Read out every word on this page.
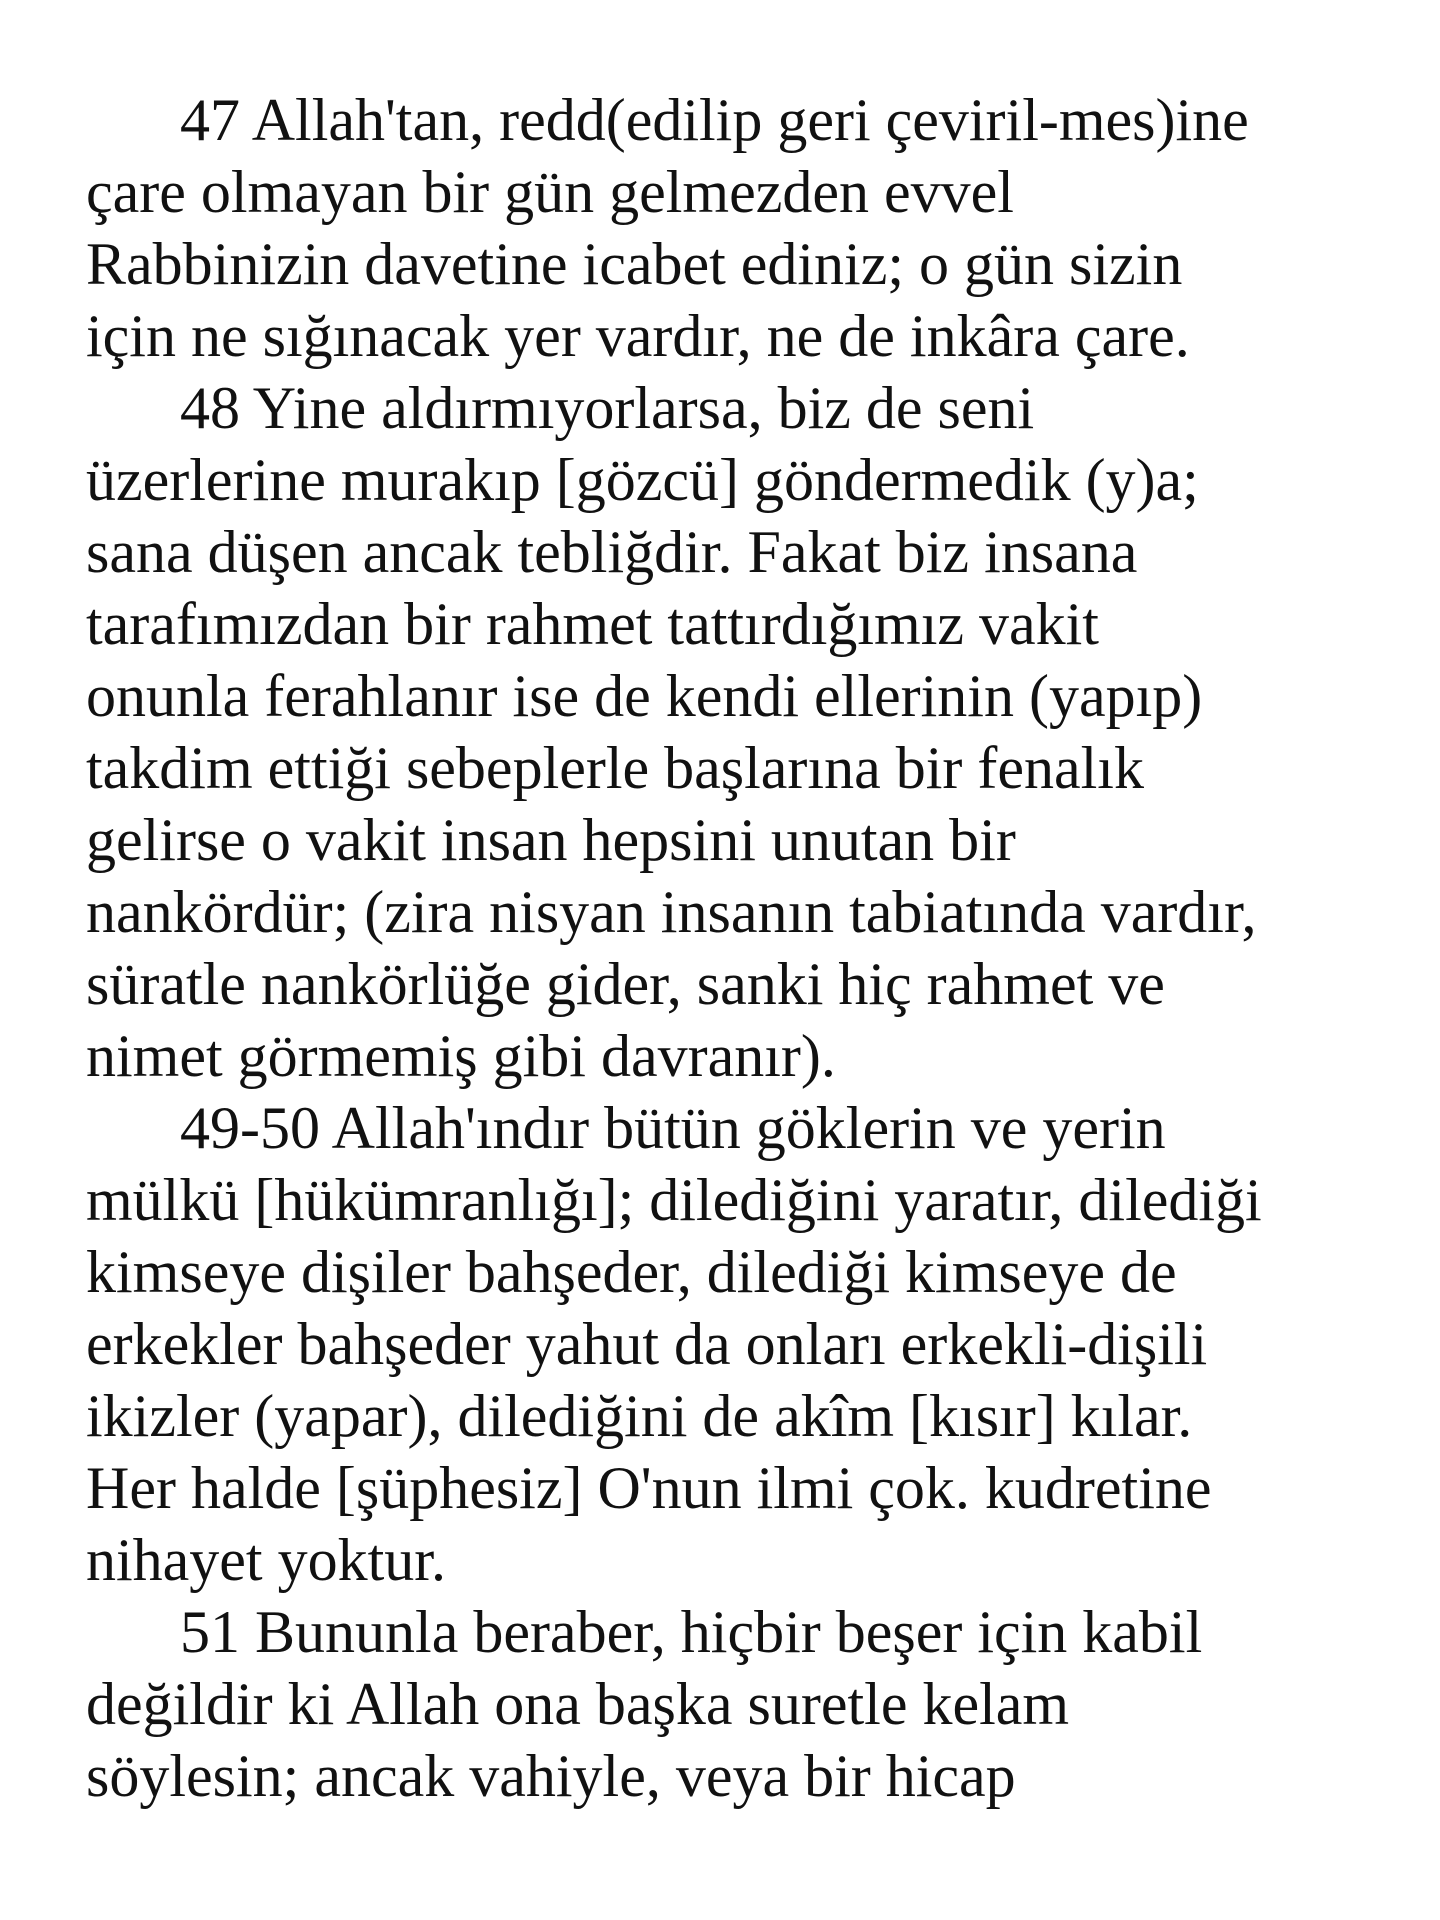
47 Allah'tan, redd(edilip geri çeviril-mes)ine
çare olmayan bir gün gelmezden evvel
Rabbinizin davetine icabet ediniz; o gün sizin
için ne sığınacak yer vardır, ne de inkâra çare.
48 Yine aldırmıyorlarsa, biz de seni
üzerlerine murakıp [gözcü] göndermedik (y)a;
sana düşen ancak tebliğdir. Fakat biz insana
tarafımızdan bir rahmet tattırdığımız vakit
onunla ferahlanır ise de kendi ellerinin (yapıp)
takdim ettiği sebeplerle başlarına bir fenalık
gelirse o vakit insan hepsini unutan bir
nankördür; (zira nisyan insanın tabiatında vardır,
süratle nankörlüğe gider, sanki hiç rahmet ve
nimet görmemiş gibi davranır).
49-50 Allah'ındır bütün göklerin ve yerin
mülkü [hükümranlığı]; dilediğini yaratır, dilediği
kimseye dişiler bahşeder, dilediği kimseye de
erkekler bahşeder yahut da onları erkekli-dişili
ikizler (yapar), dilediğini de akîm [kısır] kılar.
Her halde [şüphesiz] O'nun ilmi çok. kudretine
nihayet yoktur.
51 Bununla beraber, hiçbir beşer için kabil
değildir ki Allah ona başka suretle kelam
söylesin; ancak vahiyle, veya bir hicap
